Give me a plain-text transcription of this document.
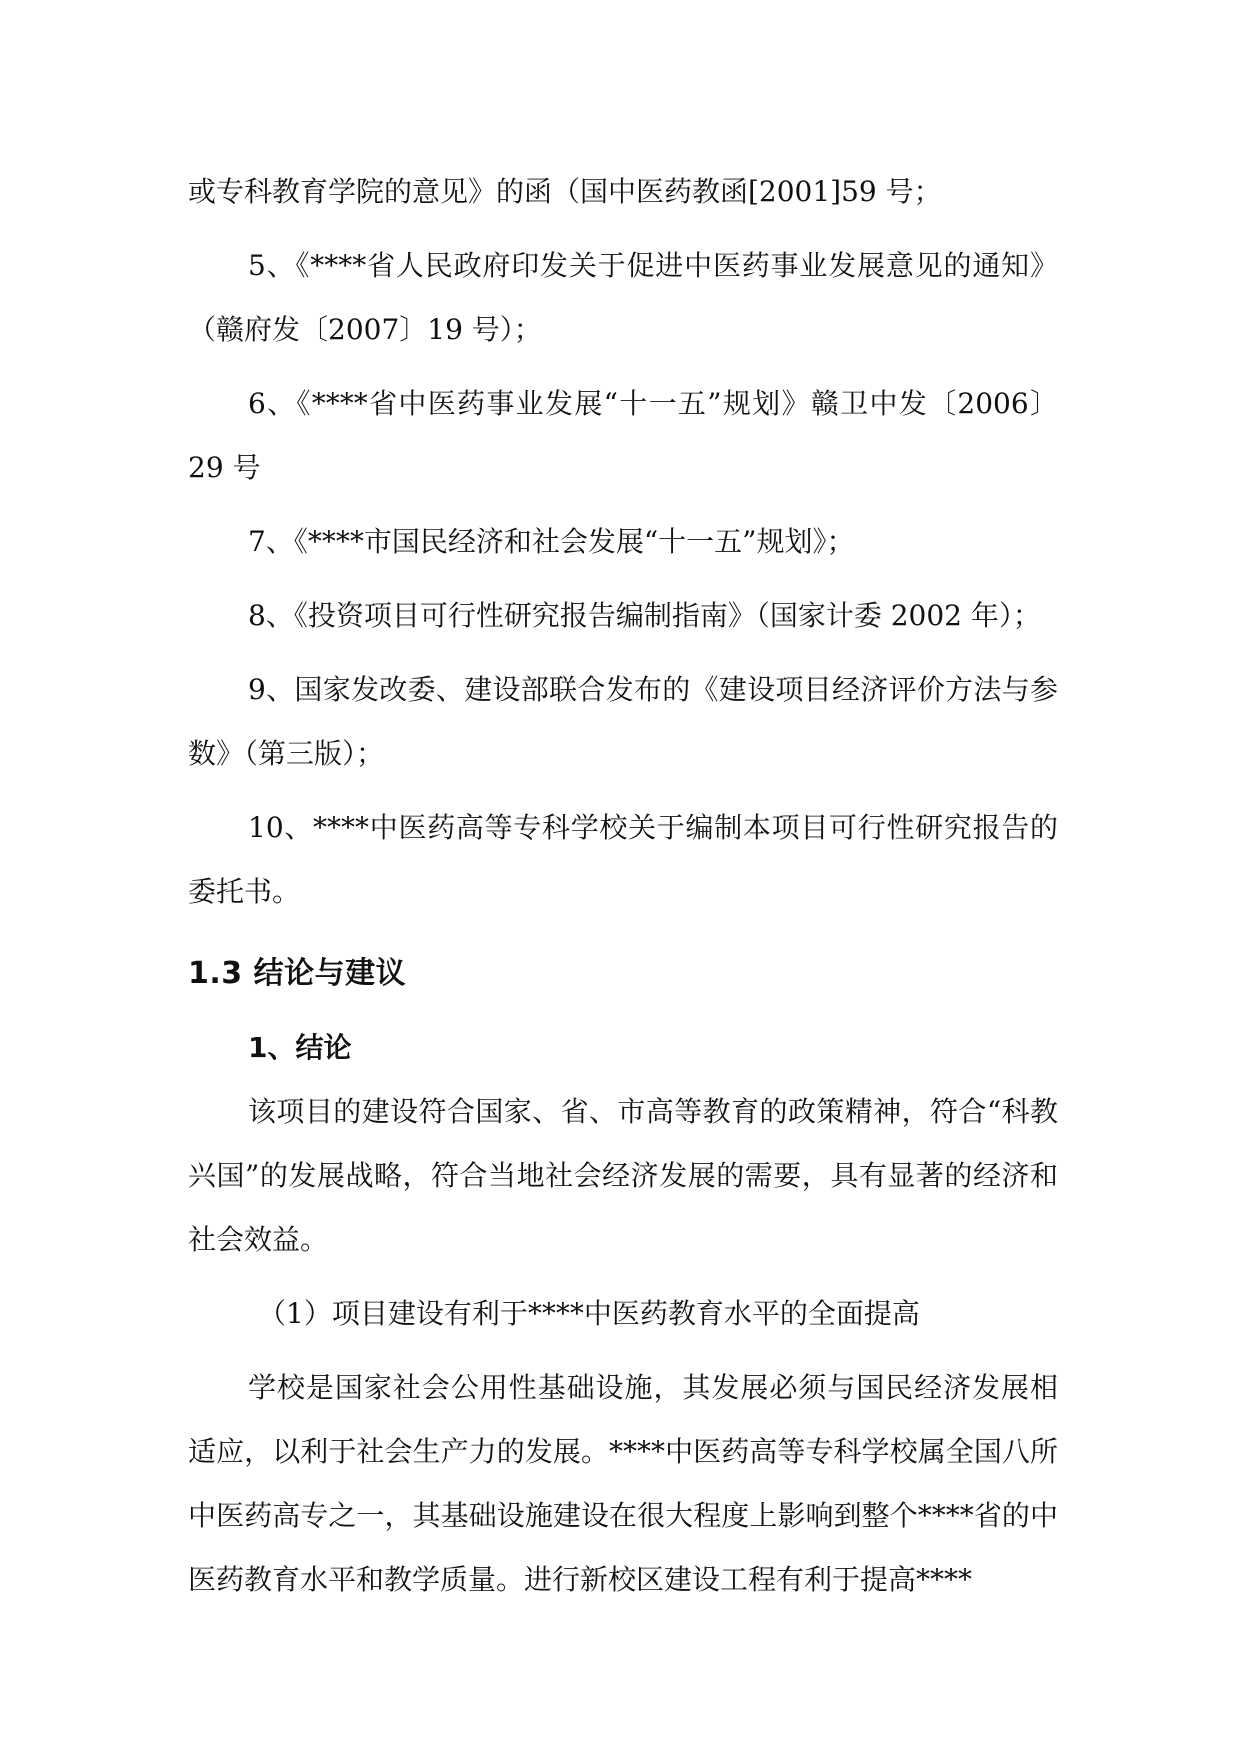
或专科教育学院的意见》的函（国中医药教函[2001]59 号；

5、《****省人民政府印发关于促进中医药事业发展意见的通知》（赣府发〔2007〕19 号）；

6、《****省中医药事业发展“十一五”规划》赣卫中发〔2006〕29 号

7、《****市国民经济和社会发展“十一五”规划》；

8、《投资项目可行性研究报告编制指南》（国家计委 2002 年）；

9、国家发改委、建设部联合发布的《建设项目经济评价方法与参数》（第三版）；

10、****中医药高等专科学校关于编制本项目可行性研究报告的委托书。

1.3 结论与建议
1、结论

该项目的建设符合国家、省、市高等教育的政策精神，符合“科教兴国”的发展战略，符合当地社会经济发展的需要，具有显著的经济和社会效益。

（1）项目建设有利于****中医药教育水平的全面提高

学校是国家社会公用性基础设施，其发展必须与国民经济发展相适应，以利于社会生产力的发展。****中医药高等专科学校属全国八所中医药高专之一，其基础设施建设在很大程度上影响到整个****省的中医药教育水平和教学质量。进行新校区建设工程有利于提高****
